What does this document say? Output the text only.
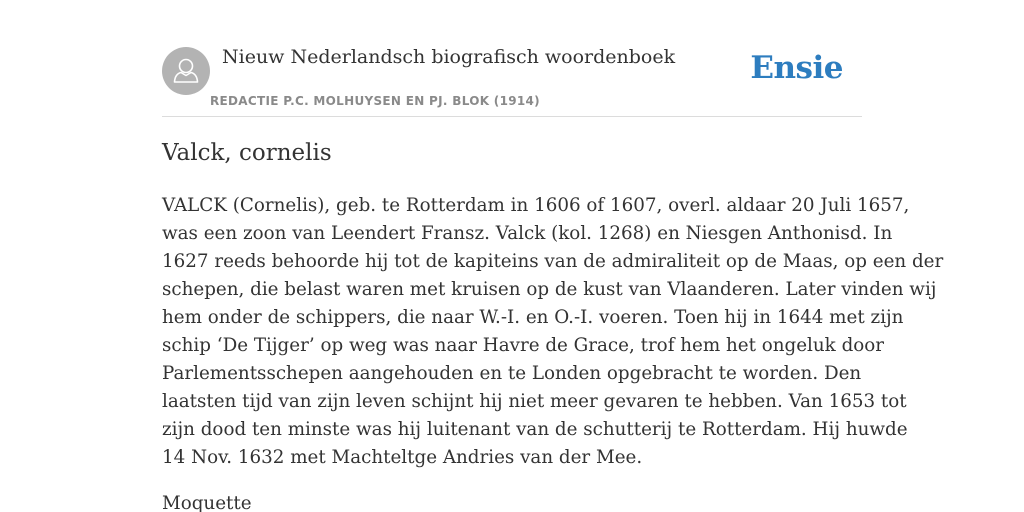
Nieuw Nederlandsch biografisch woordenboek
REDACTIE P.C. MOLHUYSEN EN PJ. BLOK (1914)
Ensie
Valck, cornelis

VALCK (Cornelis), geb. te Rotterdam in 1606 of 1607, overl. aldaar 20 Juli 1657,
was een zoon van Leendert Fransz. Valck (kol. 1268) en Niesgen Anthonisd. In
1627 reeds behoorde hij tot de kapiteins van de admiraliteit op de Maas, op een der
schepen, die belast waren met kruisen op de kust van Vlaanderen. Later vinden wij
hem onder de schippers, die naar W.-I. en O.-I. voeren. Toen hij in 1644 met zijn
schip ‘De Tijger’ op weg was naar Havre de Grace, trof hem het ongeluk door
Parlementsschepen aangehouden en te Londen opgebracht te worden. Den
laatsten tijd van zijn leven schijnt hij niet meer gevaren te hebben. Van 1653 tot
zijn dood ten minste was hij luitenant van de schutterij te Rotterdam. Hij huwde
14 Nov. 1632 met Machteltge Andries van der Mee.

Moquette
